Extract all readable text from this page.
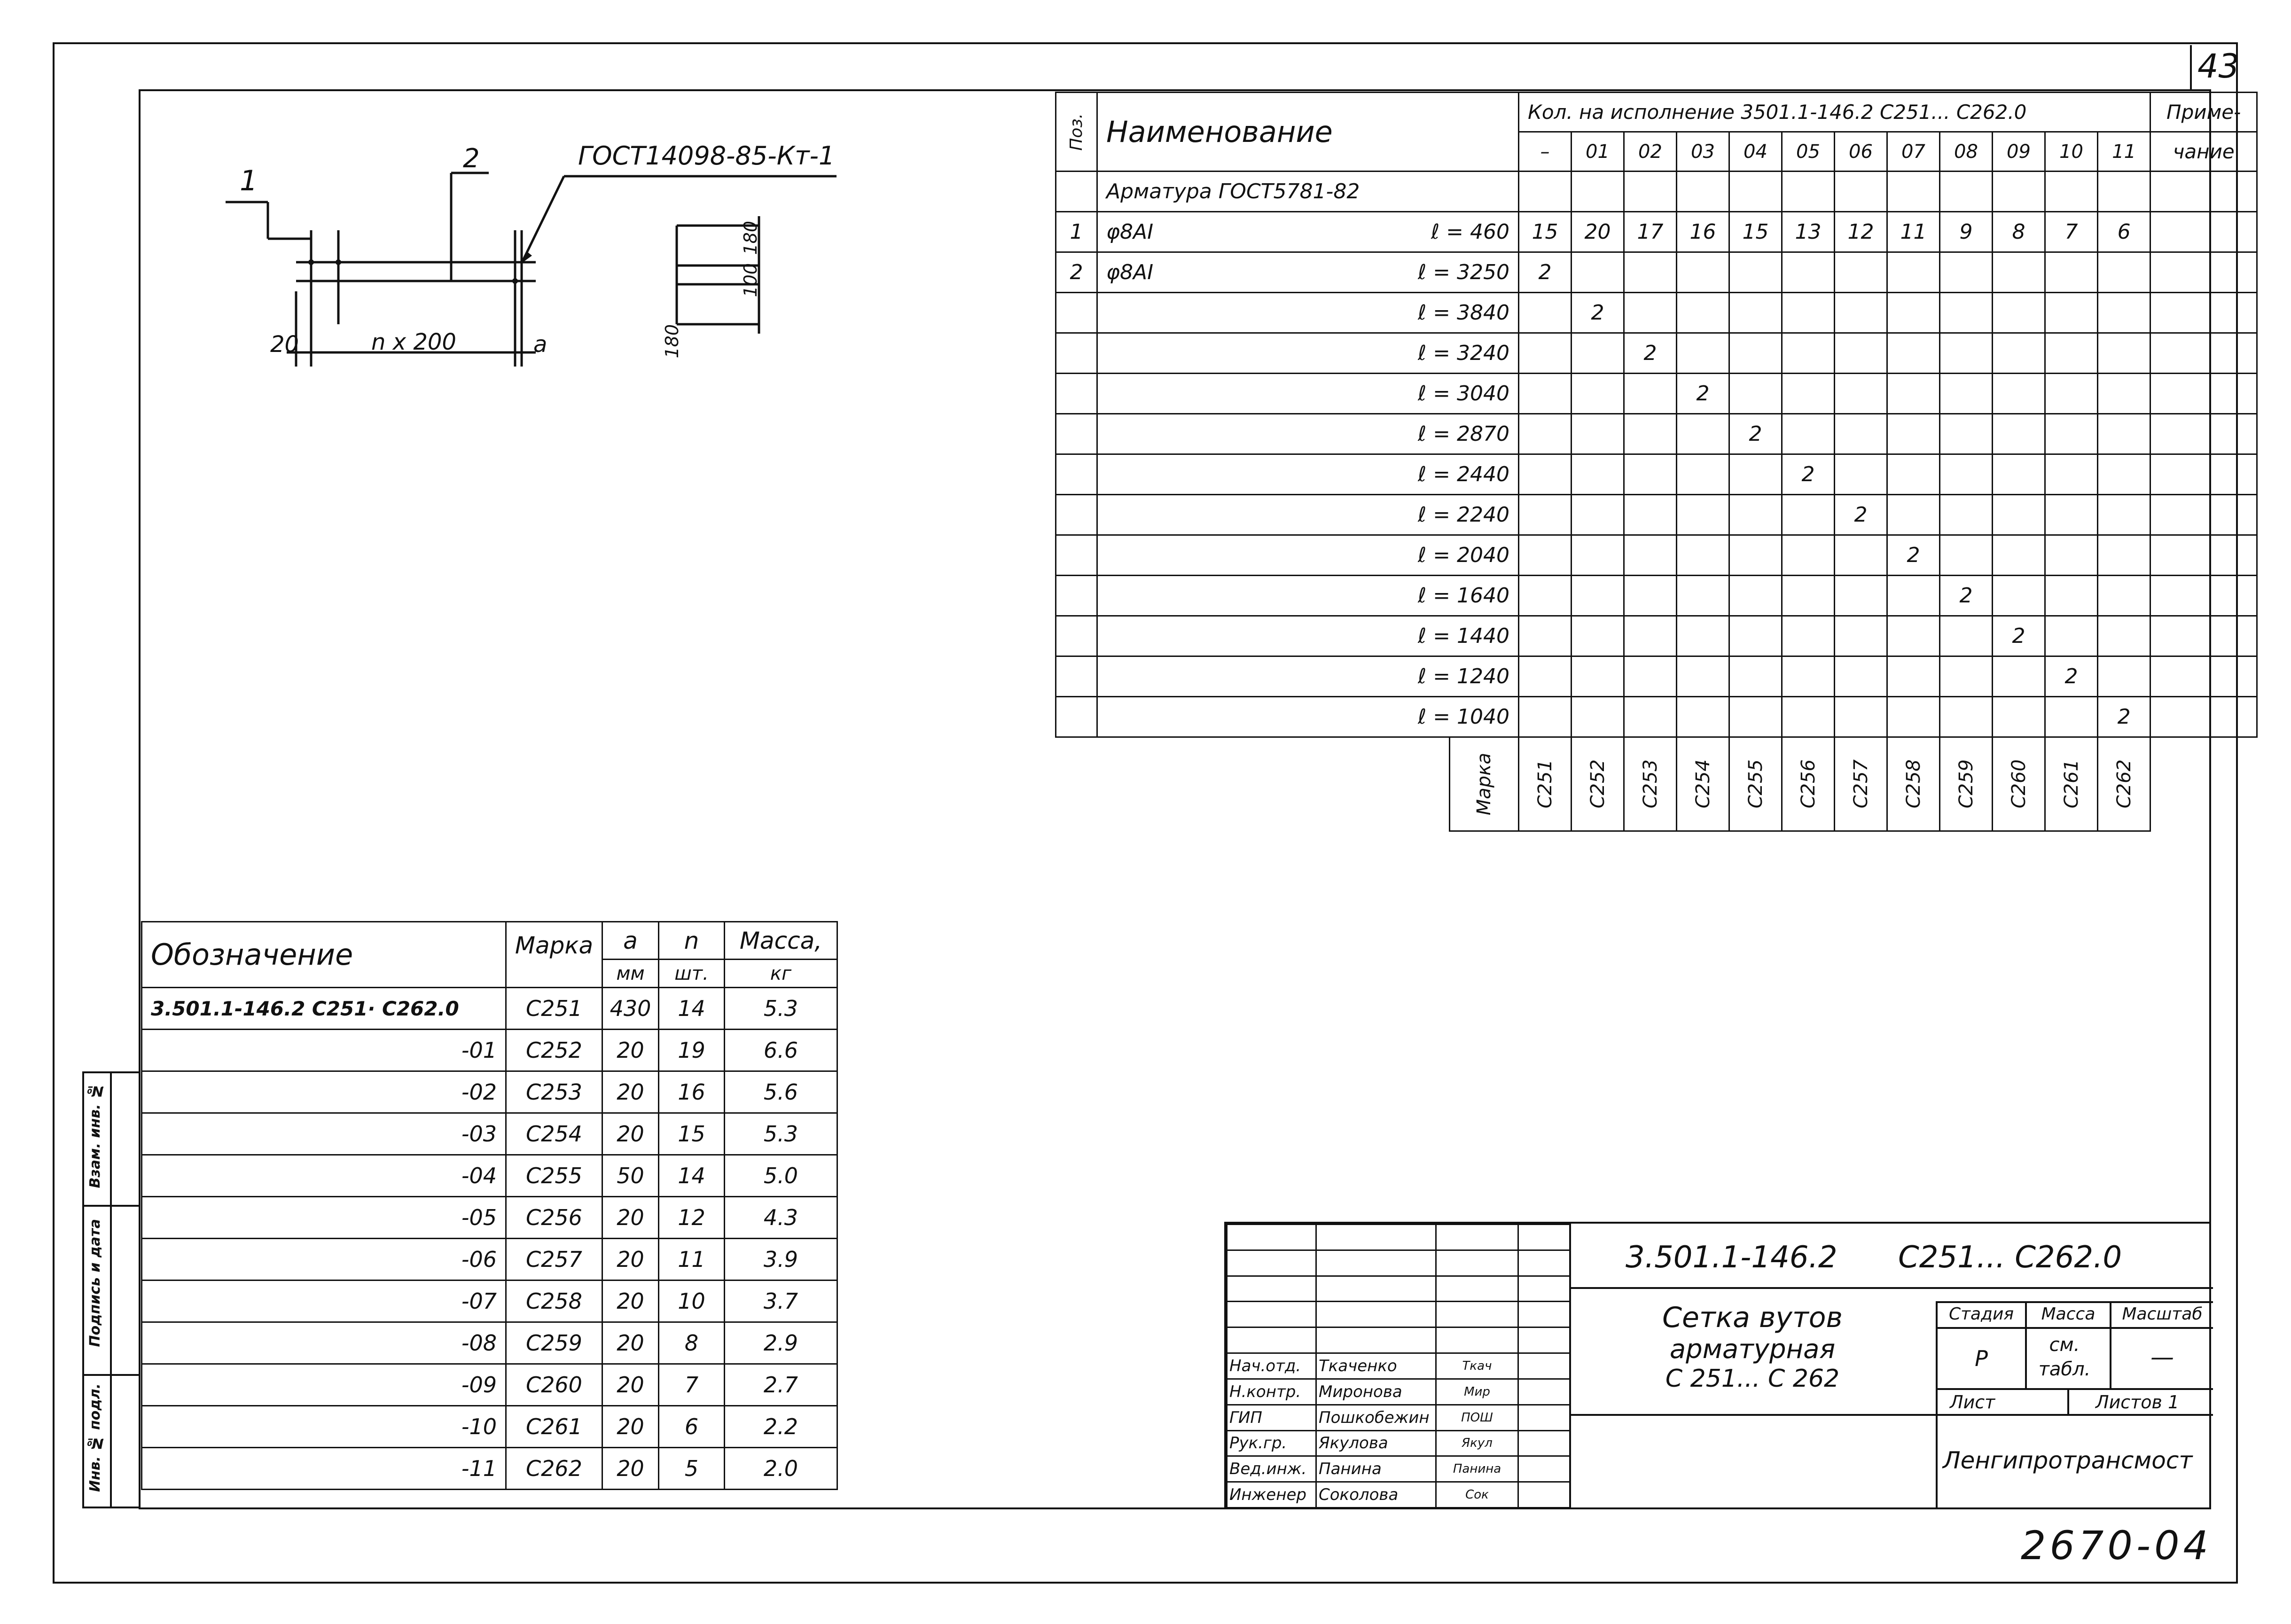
43
1
2	ГОСТ14098-85-Кт-1
20	n x 200	a
180
100
180
Поз.	Наименование		Кол. на исполнение 3501.1-146.2 С251... С262.0												Приме-
			–	01	02	03	04	05	06	07	08	09	10	11	чание
	Арматура ГОСТ5781-82														
1	φ8AI	ℓ = 460	15	20	17	16	15	13	12	11	9	8	7	6	
2	φ8AI	ℓ = 3250	2												
		ℓ = 3840		2											
		ℓ = 3240			2										
		ℓ = 3040				2									
		ℓ = 2870					2								
		ℓ = 2440						2							
		ℓ = 2240							2						
		ℓ = 2040								2					
		ℓ = 1640									2				
		ℓ = 1440										2			
		ℓ = 1240											2		
		ℓ = 1040												2	

		Марка	С251	С252	С253	С254	С255	С256	С257	С258	С259	С260	С261	С262	

Обозначение	Марка	a	n	Масса,
		мм	шт.	кг
3.501.1-146.2 С251· С262.0	С251	430	14	5.3
-01	С252	20	19	6.6
-02	С253	20	16	5.6
-03	С254	20	15	5.3
-04	С255	50	14	5.0
-05	С256	20	12	4.3
-06	С257	20	11	3.9
-07	С258	20	10	3.7
-08	С259	20	8	2.9
-09	С260	20	7	2.7
-10	С261	20	6	2.2
-11	С262	20	5	2.0
Взам. инв. №
Подпись и дата
Инв. № подл.

Нач.отд.	Ткаченко	Ткач	
Н.контр.	Миронова	Мир	
ГИП	Пошкобежин	ПОШ	
Рук.гр.	Якулова	Якул	
Вед.инж.	Панина	Панина	
Инженер	Соколова	Сок	
3.501.1-146.2 С251... С262.0
Сетка вутов
арматурная
С 251... С 262
Стадия	Масса	Масштаб
Р
см. табл.	—
Лист	Листов 1
Ленгипротрансмост
2670-04
